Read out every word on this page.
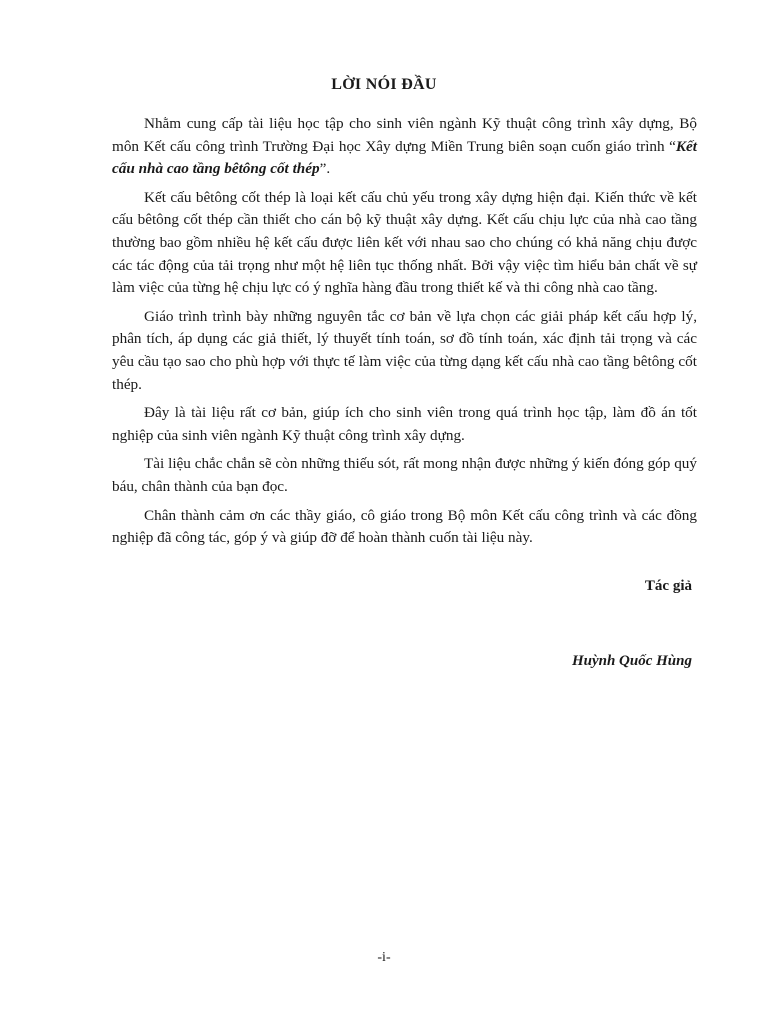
LỜI NÓI ĐẦU

Nhằm cung cấp tài liệu học tập cho sinh viên ngành Kỹ thuật công trình xây dựng, Bộ môn Kết cấu công trình Trường Đại học Xây dựng Miền Trung biên soạn cuốn giáo trình “Kết cấu nhà cao tầng bêtông cốt thép”.

Kết cấu bêtông cốt thép là loại kết cấu chủ yếu trong xây dựng hiện đại. Kiến thức về kết cấu bêtông cốt thép cần thiết cho cán bộ kỹ thuật xây dựng. Kết cấu chịu lực của nhà cao tầng thường bao gồm nhiều hệ kết cấu được liên kết với nhau sao cho chúng có khả năng chịu được các tác động của tải trọng như một hệ liên tục thống nhất. Bởi vậy việc tìm hiểu bản chất về sự làm việc của từng hệ chịu lực có ý nghĩa hàng đầu trong thiết kế và thi công nhà cao tầng.

Giáo trình trình bày những nguyên tắc cơ bản về lựa chọn các giải pháp kết cấu hợp lý, phân tích, áp dụng các giả thiết, lý thuyết tính toán, sơ đồ tính toán, xác định tải trọng và các yêu cầu tạo sao cho phù hợp với thực tế làm việc của từng dạng kết cấu nhà cao tầng bêtông cốt thép.

Đây là tài liệu rất cơ bản, giúp ích cho sinh viên trong quá trình học tập, làm đồ án tốt nghiệp của sinh viên ngành Kỹ thuật công trình xây dựng.

Tài liệu chắc chắn sẽ còn những thiếu sót, rất mong nhận được những ý kiến đóng góp quý báu, chân thành của bạn đọc.

Chân thành cảm ơn các thầy giáo, cô giáo trong Bộ môn Kết cấu công trình và các đồng nghiệp đã công tác, góp ý và giúp đỡ để hoàn thành cuốn tài liệu này.

Tác giả
Huỳnh Quốc Hùng
-i-
